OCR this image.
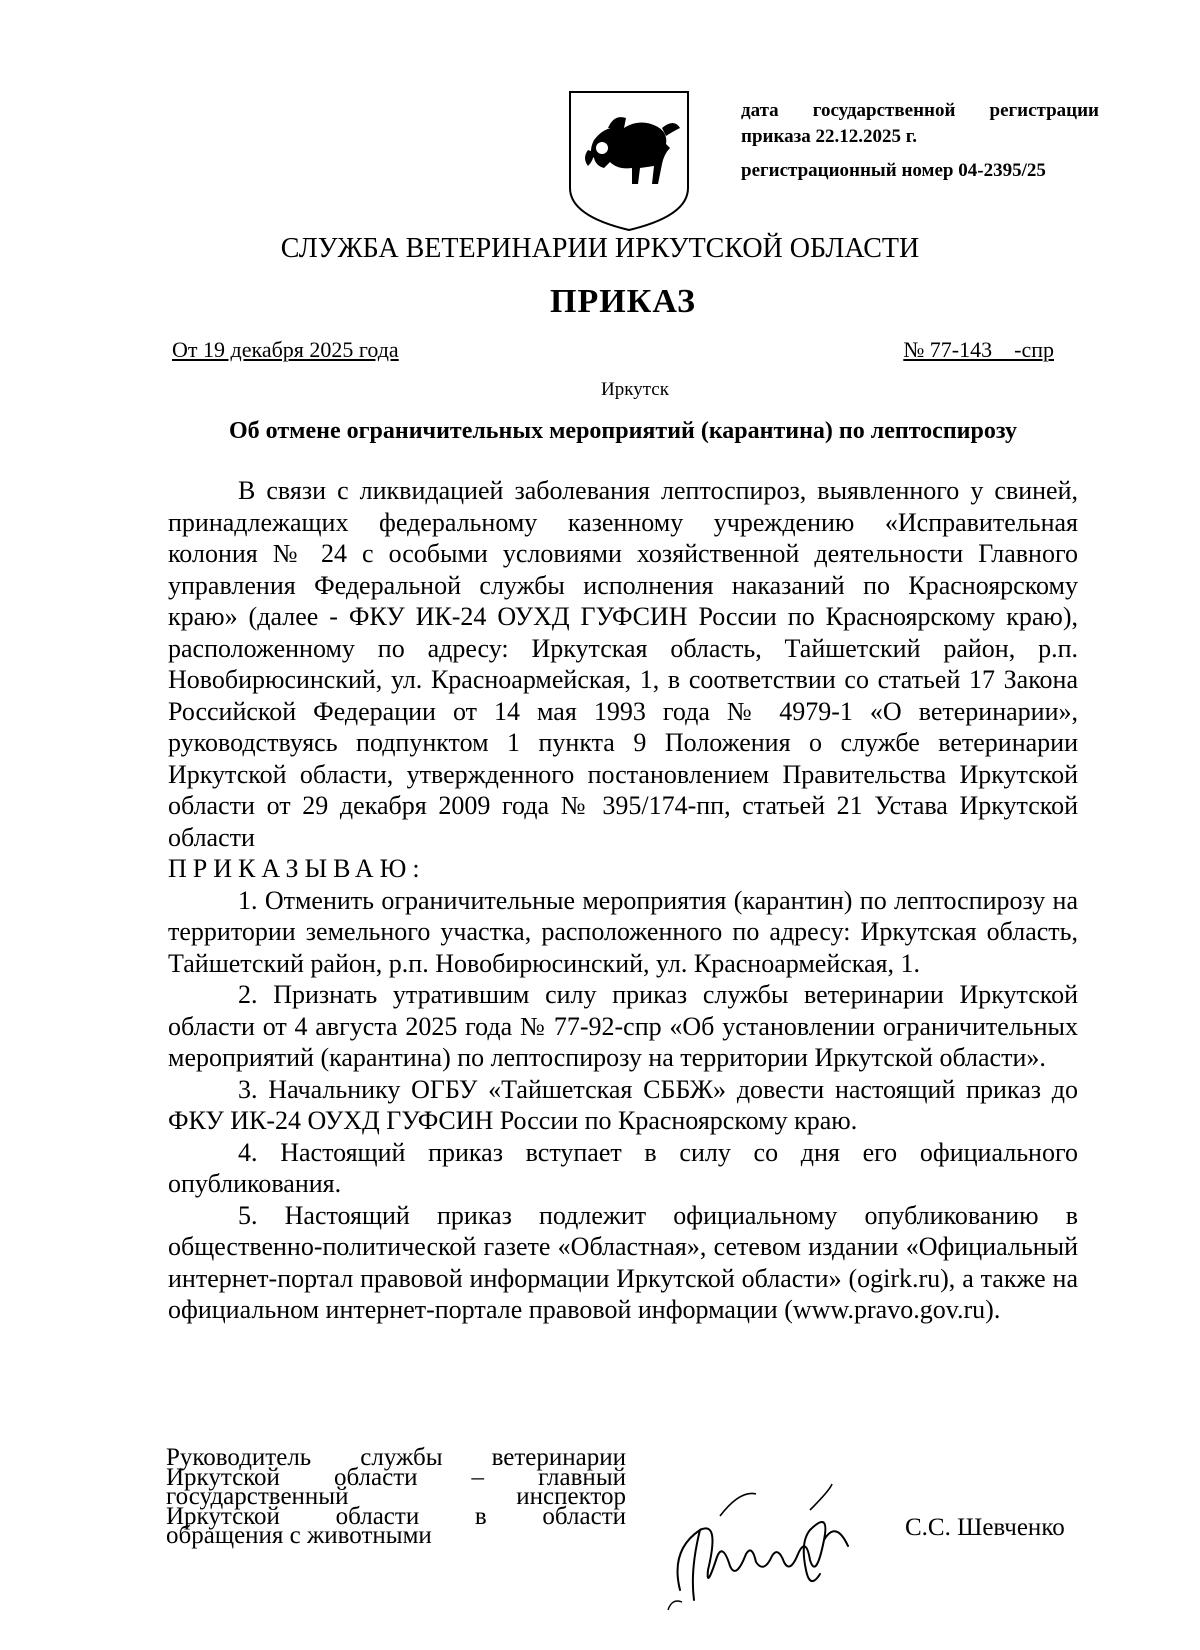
дата государственной регистрации
приказа 22.12.2025 г.
регистрационный номер 04-2395/25
СЛУЖБА ВЕТЕРИНАРИИ ИРКУТСКОЙ ОБЛАСТИ
ПРИКАЗ
От 19 декабря 2025 года	№ 77-143    -спр
Иркутск
Об отмене ограничительных мероприятий (карантина) по лептоспирозу

В связи с ликвидацией заболевания лептоспироз, выявленного у свиней, принадлежащих федеральному казенному учреждению «Исправительная колония № 24 с особыми условиями хозяйственной деятельности Главного управления Федеральной службы исполнения наказаний по Красноярскому краю» (далее - ФКУ ИК-24 ОУХД ГУФСИН России по Красноярскому краю), расположенному по адресу: Иркутская область, Тайшетский район, р.п. Новобирюсинский, ул. Красноармейская, 1, в соответствии со статьей 17 Закона Российской Федерации от 14 мая 1993 года № 4979-1 «О ветеринарии», руководствуясь подпунктом 1 пункта 9 Положения о службе ветеринарии Иркутской области, утвержденного постановлением Правительства Иркутской области от 29 декабря 2009 года № 395/174-пп, статьей 21 Устава Иркутской области

ПРИКАЗЫВАЮ:

1. Отменить ограничительные мероприятия (карантин) по лептоспирозу на территории земельного участка, расположенного по адресу: Иркутская область, Тайшетский район, р.п. Новобирюсинский, ул. Красноармейская, 1.

2. Признать утратившим силу приказ службы ветеринарии Иркутской области от 4 августа 2025 года № 77-92-спр «Об установлении ограничительных мероприятий (карантина) по лептоспирозу на территории Иркутской области».

3. Начальнику ОГБУ «Тайшетская СББЖ» довести настоящий приказ до ФКУ ИК-24 ОУХД ГУФСИН России по Красноярскому краю.

4. Настоящий приказ вступает в силу со дня его официального опубликования.

5. Настоящий приказ подлежит официальному опубликованию в общественно-политической газете «Областная», сетевом издании «Официальный интернет-портал правовой информации Иркутской области» (ogirk.ru), а также на официальном интернет-портале правовой информации (www.pravo.gov.ru).

Руководитель службы ветеринарии
Иркутской области – главный
государственный инспектор
Иркутской области в области
обращения с животными	С.С. Шевченко
